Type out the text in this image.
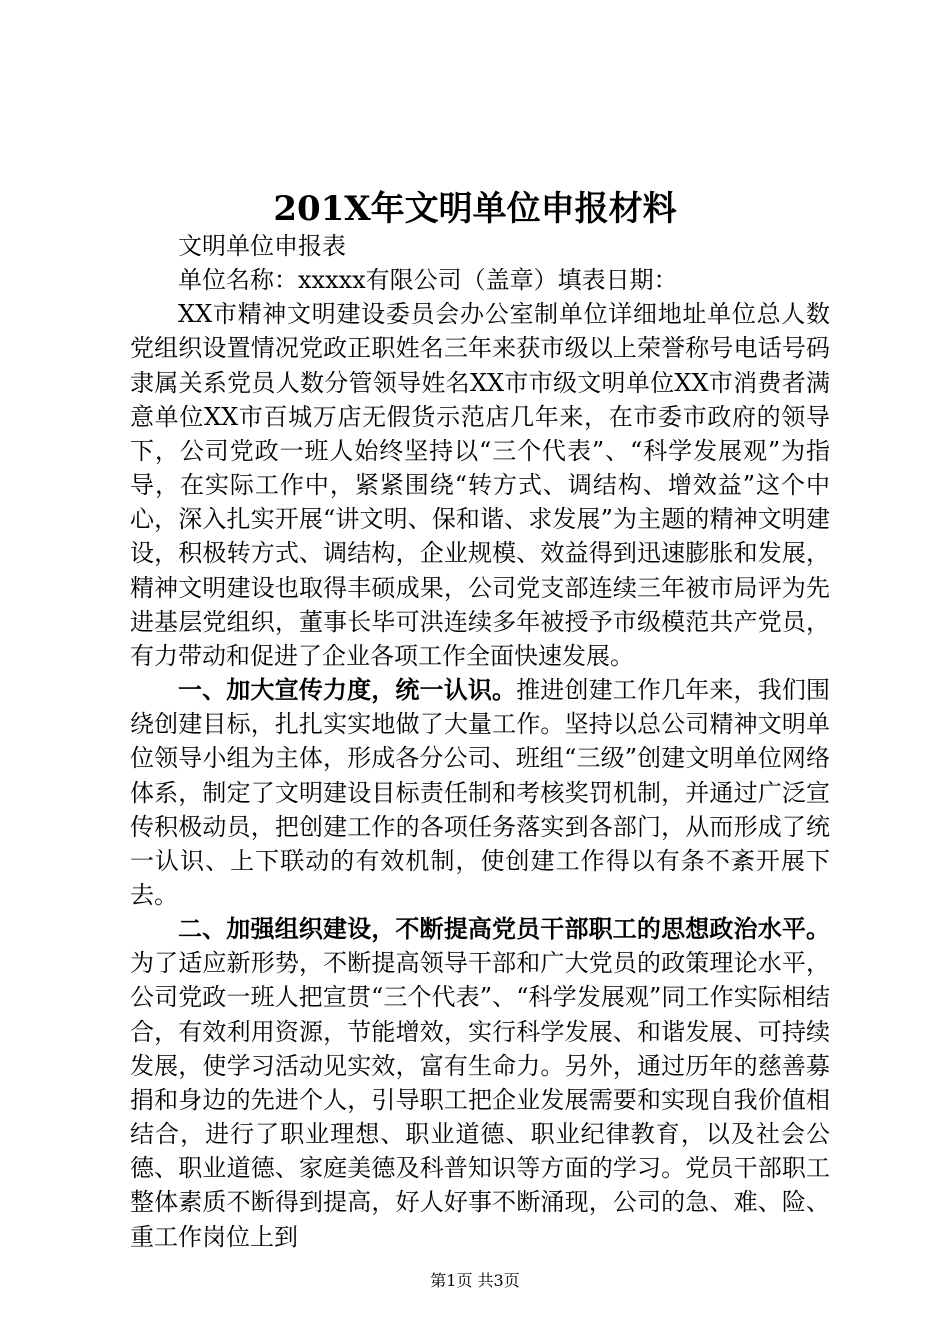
201X年文明单位申报材料

文明单位申报表

单位名称：xxxxx有限公司（盖章）填表日期：

XX市精神文明建设委员会办公室制单位详细地址单位总人数党组织设置情况党政正职姓名三年来获市级以上荣誉称号电话号码隶属关系党员人数分管领导姓名XX市市级文明单位XX市消费者满意单位XX市百城万店无假货示范店几年来，在市委市政府的领导下，公司党政一班人始终坚持以“三个代表”、“科学发展观”为指导，在实际工作中，紧紧围绕“转方式、调结构、增效益”这个中心，深入扎实开展“讲文明、保和谐、求发展”为主题的精神文明建设，积极转方式、调结构，企业规模、效益得到迅速膨胀和发展，精神文明建设也取得丰硕成果，公司党支部连续三年被市局评为先进基层党组织，董事长毕可洪连续多年被授予市级模范共产党员，有力带动和促进了企业各项工作全面快速发展。

一、加大宣传力度，统一认识。推进创建工作几年来，我们围绕创建目标，扎扎实实地做了大量工作。坚持以总公司精神文明单位领导小组为主体，形成各分公司、班组“三级”创建文明单位网络体系，制定了文明建设目标责任制和考核奖罚机制，并通过广泛宣传积极动员，把创建工作的各项任务落实到各部门，从而形成了统一认识、上下联动的有效机制，使创建工作得以有条不紊开展下去。

二、加强组织建设，不断提高党员干部职工的思想政治水平。为了适应新形势，不断提高领导干部和广大党员的政策理论水平，公司党政一班人把宣贯“三个代表”、“科学发展观”同工作实际相结合，有效利用资源，节能增效，实行科学发展、和谐发展、可持续发展，使学习活动见实效，富有生命力。另外，通过历年的慈善募捐和身边的先进个人，引导职工把企业发展需要和实现自我价值相结合，进行了职业理想、职业道德、职业纪律教育，以及社会公德、职业道德、家庭美德及科普知识等方面的学习。党员干部职工整体素质不断得到提高，好人好事不断涌现，公司的急、难、险、重工作岗位上到

第1页 共3页
